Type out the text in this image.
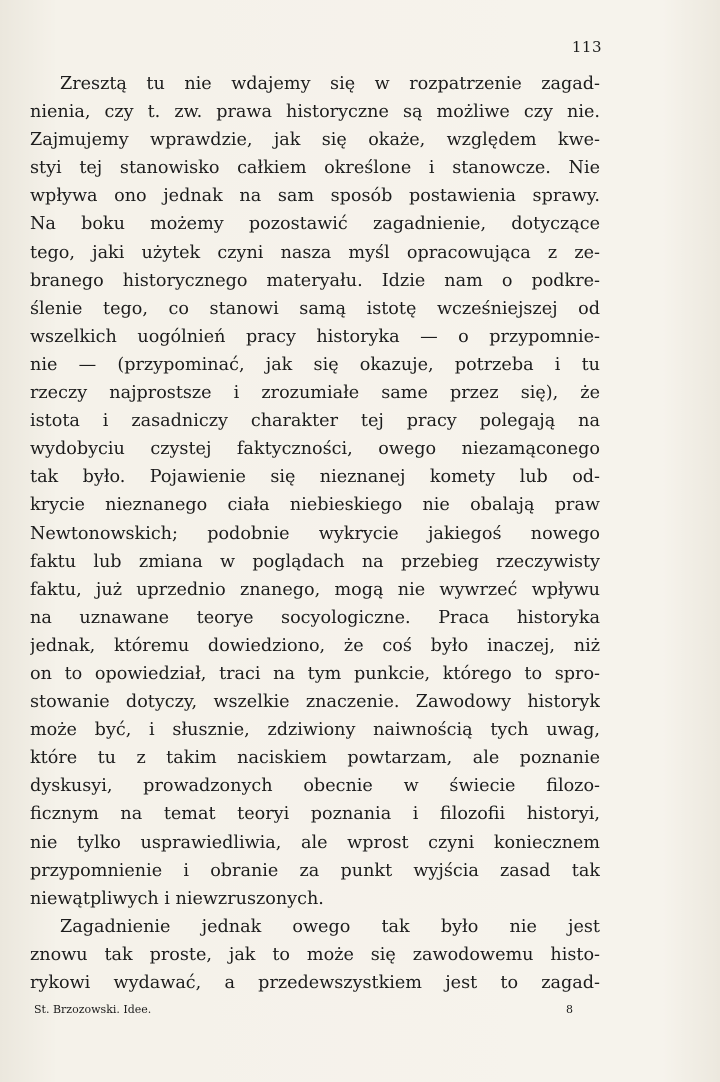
113
Zresztą tu nie wdajemy się w rozpatrzenie zagad-
nienia, czy t. zw. prawa historyczne są możliwe czy nie.
Zajmujemy wprawdzie, jak się okaże, względem kwe-
styi tej stanowisko całkiem określone i stanowcze. Nie
wpływa ono jednak na sam sposób postawienia sprawy.
Na boku możemy pozostawić zagadnienie, dotyczące
tego, jaki użytek czyni nasza myśl opracowująca z ze-
branego historycznego materyału. Idzie nam o podkre-
ślenie tego, co stanowi samą istotę wcześniejszej od
wszelkich uogólnień pracy historyka — o przypomnie-
nie — (przypominać, jak się okazuje, potrzeba i tu
rzeczy najprostsze i zrozumiałe same przez się), że
istota i zasadniczy charakter tej pracy polegają na
wydobyciu czystej faktyczności, owego niezamąconego
tak było. Pojawienie się nieznanej komety lub od-
krycie nieznanego ciała niebieskiego nie obalają praw
Newtonowskich; podobnie wykrycie jakiegoś nowego
faktu lub zmiana w poglądach na przebieg rzeczywisty
faktu, już uprzednio znanego, mogą nie wywrzeć wpływu
na uznawane teorye socyologiczne. Praca historyka
jednak, któremu dowiedziono, że coś było inaczej, niż
on to opowiedział, traci na tym punkcie, którego to spro-
stowanie dotyczy, wszelkie znaczenie. Zawodowy historyk
może być, i słusznie, zdziwiony naiwnością tych uwag,
które tu z takim naciskiem powtarzam, ale poznanie
dyskusyi, prowadzonych obecnie w świecie filozo-
ficznym na temat teoryi poznania i filozofii historyi,
nie tylko usprawiedliwia, ale wprost czyni koniecznem
przypomnienie i obranie za punkt wyjścia zasad tak
niewątpliwych i niewzruszonych.
Zagadnienie jednak owego tak było nie jest
znowu tak proste, jak to może się zawodowemu histo-
rykowi wydawać, a przedewszystkiem jest to zagad-
St. Brzozowski. Idee.	8
